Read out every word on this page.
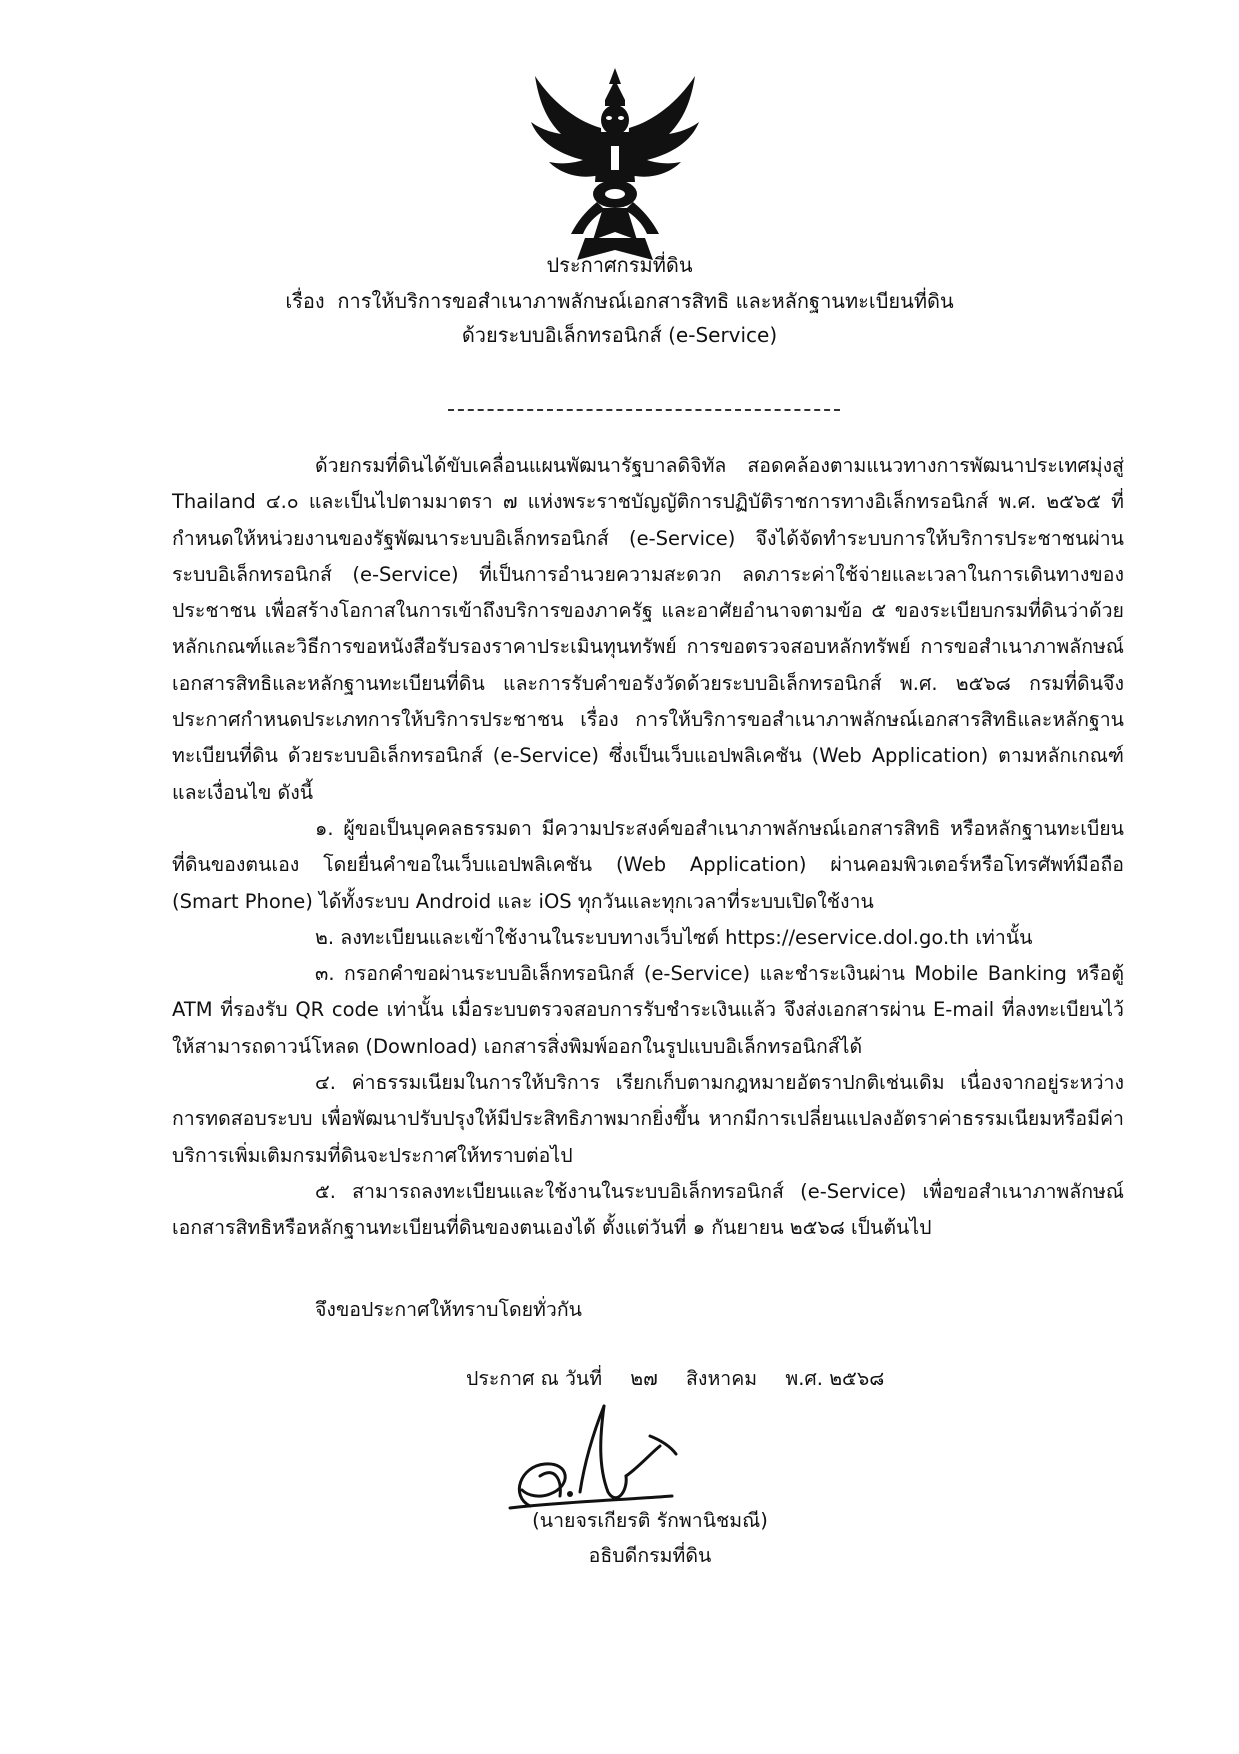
ประกาศกรมที่ดิน
เรื่อง การให้บริการขอสำเนาภาพลักษณ์เอกสารสิทธิ และหลักฐานทะเบียนที่ดิน
ด้วยระบบอิเล็กทรอนิกส์ (e-Service)

ด้วยกรมที่ดินได้ขับเคลื่อนแผนพัฒนารัฐบาลดิจิทัล สอดคล้องตามแนวทางการพัฒนาประเทศมุ่งสู่ Thailand ๔.๐ และเป็นไปตามมาตรา ๗ แห่งพระราชบัญญัติการปฏิบัติราชการทางอิเล็กทรอนิกส์ พ.ศ. ๒๕๖๕ ที่กำหนดให้หน่วยงานของรัฐพัฒนาระบบอิเล็กทรอนิกส์ (e-Service) จึงได้จัดทำระบบการให้บริการประชาชนผ่านระบบอิเล็กทรอนิกส์ (e-Service) ที่เป็นการอำนวยความสะดวก ลดภาระค่าใช้จ่ายและเวลาในการเดินทางของประชาชน เพื่อสร้างโอกาสในการเข้าถึงบริการของภาครัฐ และอาศัยอำนาจตามข้อ ๕ ของระเบียบกรมที่ดินว่าด้วยหลักเกณฑ์และวิธีการขอหนังสือรับรองราคาประเมินทุนทรัพย์ การขอตรวจสอบหลักทรัพย์ การขอสำเนาภาพลักษณ์เอกสารสิทธิและหลักฐานทะเบียนที่ดิน และการรับคำขอรังวัดด้วยระบบอิเล็กทรอนิกส์ พ.ศ. ๒๕๖๘ กรมที่ดินจึงประกาศกำหนดประเภทการให้บริการประชาชน เรื่อง การให้บริการขอสำเนาภาพลักษณ์เอกสารสิทธิและหลักฐานทะเบียนที่ดิน ด้วยระบบอิเล็กทรอนิกส์ (e-Service) ซึ่งเป็นเว็บแอปพลิเคชัน (Web Application) ตามหลักเกณฑ์และเงื่อนไข ดังนี้

๑. ผู้ขอเป็นบุคคลธรรมดา มีความประสงค์ขอสำเนาภาพลักษณ์เอกสารสิทธิ หรือหลักฐานทะเบียนที่ดินของตนเอง โดยยื่นคำขอในเว็บแอปพลิเคชัน (Web Application) ผ่านคอมพิวเตอร์หรือโทรศัพท์มือถือ (Smart Phone) ได้ทั้งระบบ Android และ iOS ทุกวันและทุกเวลาที่ระบบเปิดใช้งาน

๒. ลงทะเบียนและเข้าใช้งานในระบบทางเว็บไซต์ https://eservice.dol.go.th เท่านั้น

๓. กรอกคำขอผ่านระบบอิเล็กทรอนิกส์ (e-Service) และชำระเงินผ่าน Mobile Banking หรือตู้ ATM ที่รองรับ QR code เท่านั้น เมื่อระบบตรวจสอบการรับชำระเงินแล้ว จึงส่งเอกสารผ่าน E-mail ที่ลงทะเบียนไว้ ให้สามารถดาวน์โหลด (Download) เอกสารสิ่งพิมพ์ออกในรูปแบบอิเล็กทรอนิกส์ได้

๔. ค่าธรรมเนียมในการให้บริการ เรียกเก็บตามกฎหมายอัตราปกติเช่นเดิม เนื่องจากอยู่ระหว่างการทดสอบระบบ เพื่อพัฒนาปรับปรุงให้มีประสิทธิภาพมากยิ่งขึ้น หากมีการเปลี่ยนแปลงอัตราค่าธรรมเนียมหรือมีค่าบริการเพิ่มเติมกรมที่ดินจะประกาศให้ทราบต่อไป

๕. สามารถลงทะเบียนและใช้งานในระบบอิเล็กทรอนิกส์ (e-Service) เพื่อขอสำเนาภาพลักษณ์เอกสารสิทธิหรือหลักฐานทะเบียนที่ดินของตนเองได้ ตั้งแต่วันที่ ๑ กันยายน ๒๕๖๘ เป็นต้นไป

จึงขอประกาศให้ทราบโดยทั่วกัน
ประกาศ ณ วันที่ ๒๗ สิงหาคม พ.ศ. ๒๕๖๘
(นายจรเกียรติ รักพานิชมณี)
อธิบดีกรมที่ดิน
